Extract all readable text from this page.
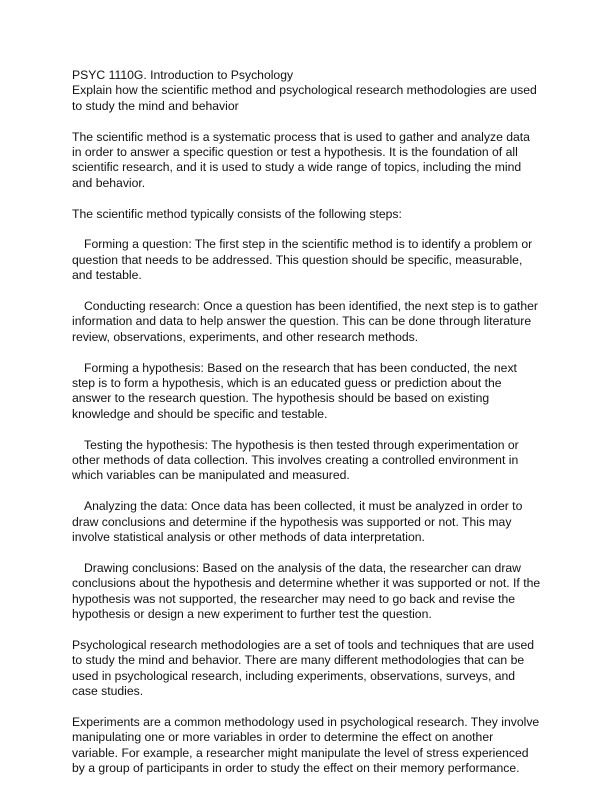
PSYC 1110G. Introduction to Psychology
Explain how the scientific method and psychological research methodologies are used to study the mind and behavior

The scientific method is a systematic process that is used to gather and analyze data in order to answer a specific question or test a hypothesis. It is the foundation of all scientific research, and it is used to study a wide range of topics, including the mind and behavior.

The scientific method typically consists of the following steps:

Forming a question: The first step in the scientific method is to identify a problem or question that needs to be addressed. This question should be specific, measurable, and testable.

Conducting research: Once a question has been identified, the next step is to gather information and data to help answer the question. This can be done through literature review, observations, experiments, and other research methods.

Forming a hypothesis: Based on the research that has been conducted, the next step is to form a hypothesis, which is an educated guess or prediction about the answer to the research question. The hypothesis should be based on existing knowledge and should be specific and testable.

Testing the hypothesis: The hypothesis is then tested through experimentation or other methods of data collection. This involves creating a controlled environment in which variables can be manipulated and measured.

Analyzing the data: Once data has been collected, it must be analyzed in order to draw conclusions and determine if the hypothesis was supported or not. This may involve statistical analysis or other methods of data interpretation.

Drawing conclusions: Based on the analysis of the data, the researcher can draw conclusions about the hypothesis and determine whether it was supported or not. If the hypothesis was not supported, the researcher may need to go back and revise the hypothesis or design a new experiment to further test the question.

Psychological research methodologies are a set of tools and techniques that are used to study the mind and behavior. There are many different methodologies that can be used in psychological research, including experiments, observations, surveys, and case studies.

Experiments are a common methodology used in psychological research. They involve manipulating one or more variables in order to determine the effect on another variable. For example, a researcher might manipulate the level of stress experienced by a group of participants in order to study the effect on their memory performance.
